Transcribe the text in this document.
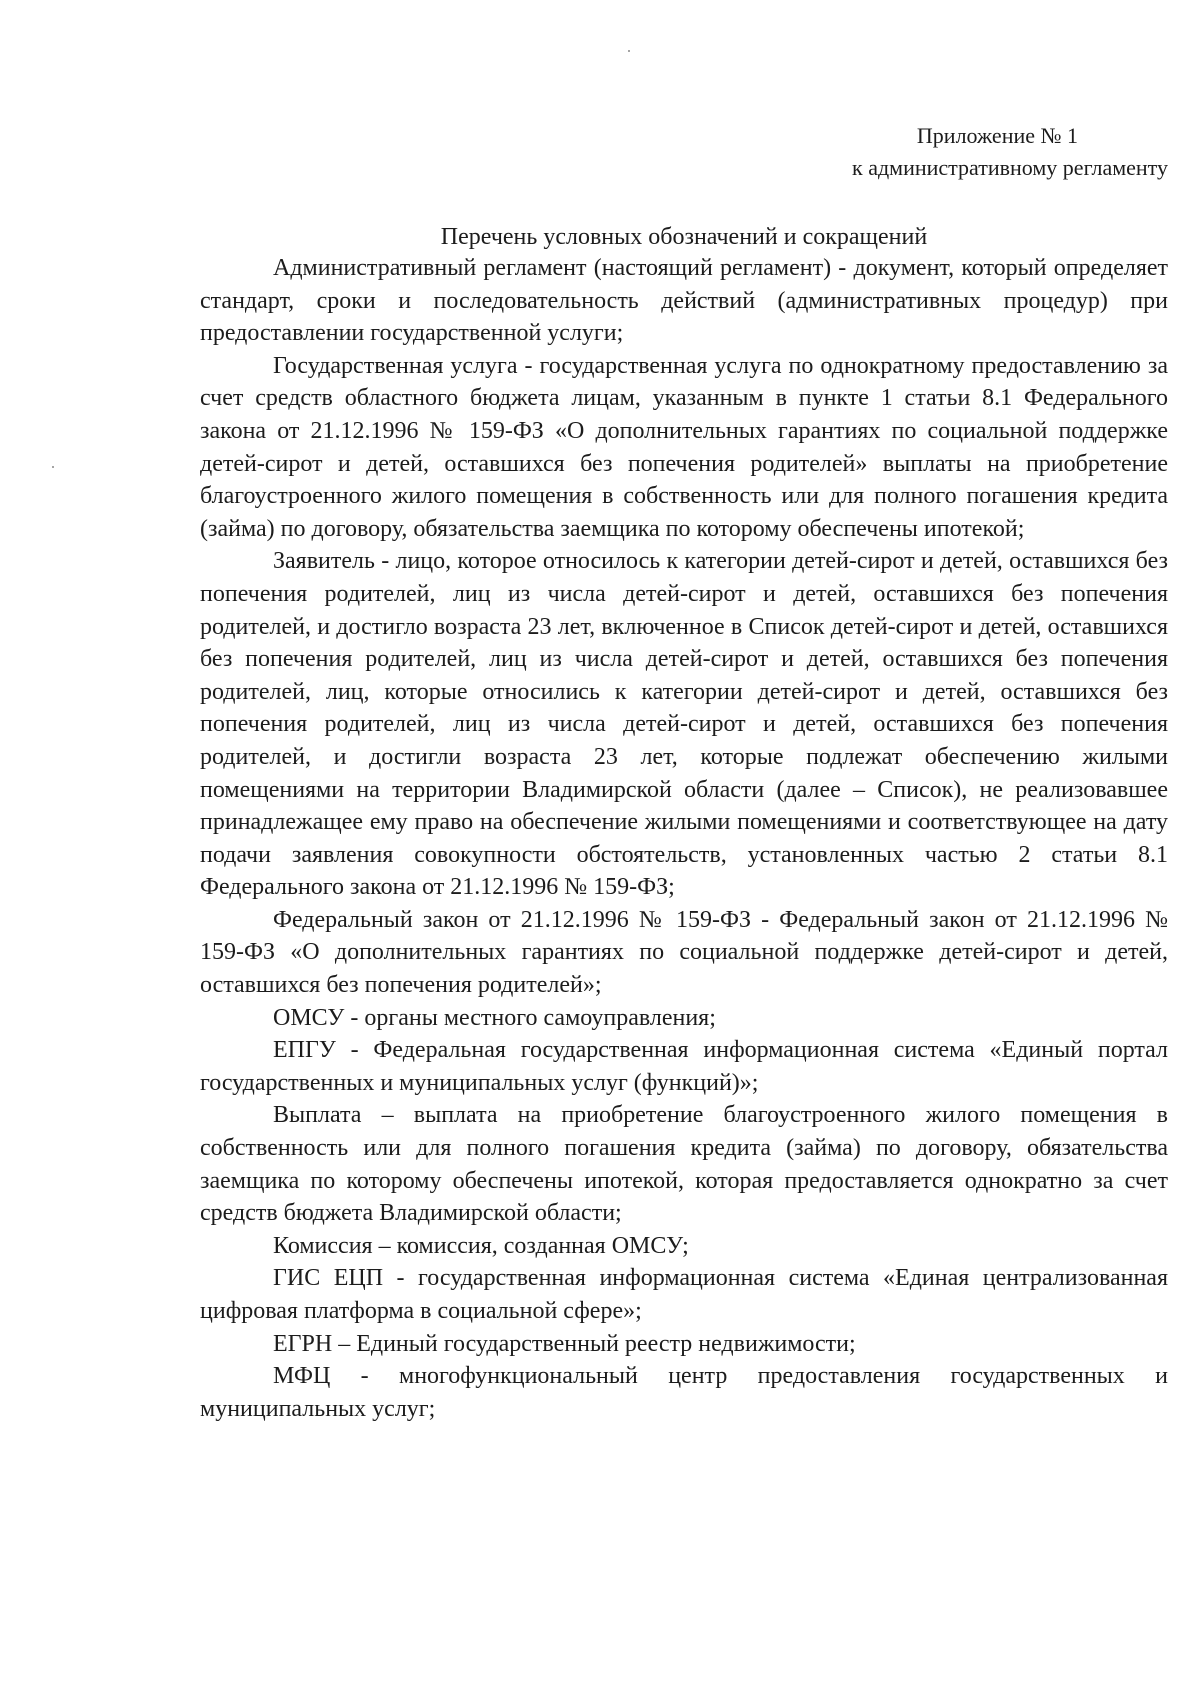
Приложение № 1
к административному регламенту
Перечень условных обозначений и сокращений

Административный регламент (настоящий регламент) - документ, который определяет стандарт, сроки и последовательность действий (административных процедур) при предоставлении государственной услуги;

Государственная услуга - государственная услуга по однократному предоставлению за счет средств областного бюджета лицам, указанным в пункте 1 статьи 8.1 Федерального закона от 21.12.1996 № 159-ФЗ «О дополнительных гарантиях по социальной поддержке детей-сирот и детей, оставшихся без попечения родителей» выплаты на приобретение благоустроенного жилого помещения в собственность или для полного погашения кредита (займа) по договору, обязательства заемщика по которому обеспечены ипотекой;

Заявитель - лицо, которое относилось к категории детей-сирот и детей, оставшихся без попечения родителей, лиц из числа детей-сирот и детей, оставшихся без попечения родителей, и достигло возраста 23 лет, включенное в Список детей-сирот и детей, оставшихся без попечения родителей, лиц из числа детей-сирот и детей, оставшихся без попечения родителей, лиц, которые относились к категории детей-сирот и детей, оставшихся без попечения родителей, лиц из числа детей-сирот и детей, оставшихся без попечения родителей, и достигли возраста 23 лет, которые подлежат обеспечению жилыми помещениями на территории Владимирской области (далее – Список), не реализовавшее принадлежащее ему право на обеспечение жилыми помещениями и соответствующее на дату подачи заявления совокупности обстоятельств, установленных частью 2 статьи 8.1 Федерального закона от 21.12.1996 № 159-ФЗ;

Федеральный закон от 21.12.1996 № 159-ФЗ - Федеральный закон от 21.12.1996 № 159-ФЗ «О дополнительных гарантиях по социальной поддержке детей-сирот и детей, оставшихся без попечения родителей»;

ОМСУ - органы местного самоуправления;

ЕПГУ - Федеральная государственная информационная система «Единый портал государственных и муниципальных услуг (функций)»;

Выплата – выплата на приобретение благоустроенного жилого помещения в собственность или для полного погашения кредита (займа) по договору, обязательства заемщика по которому обеспечены ипотекой, которая предоставляется однократно за счет средств бюджета Владимирской области;

Комиссия – комиссия, созданная ОМСУ;

ГИС ЕЦП - государственная информационная система «Единая централизованная цифровая платформа в социальной сфере»;

ЕГРН – Единый государственный реестр недвижимости;

МФЦ - многофункциональный центр предоставления государственных и муниципальных услуг;
